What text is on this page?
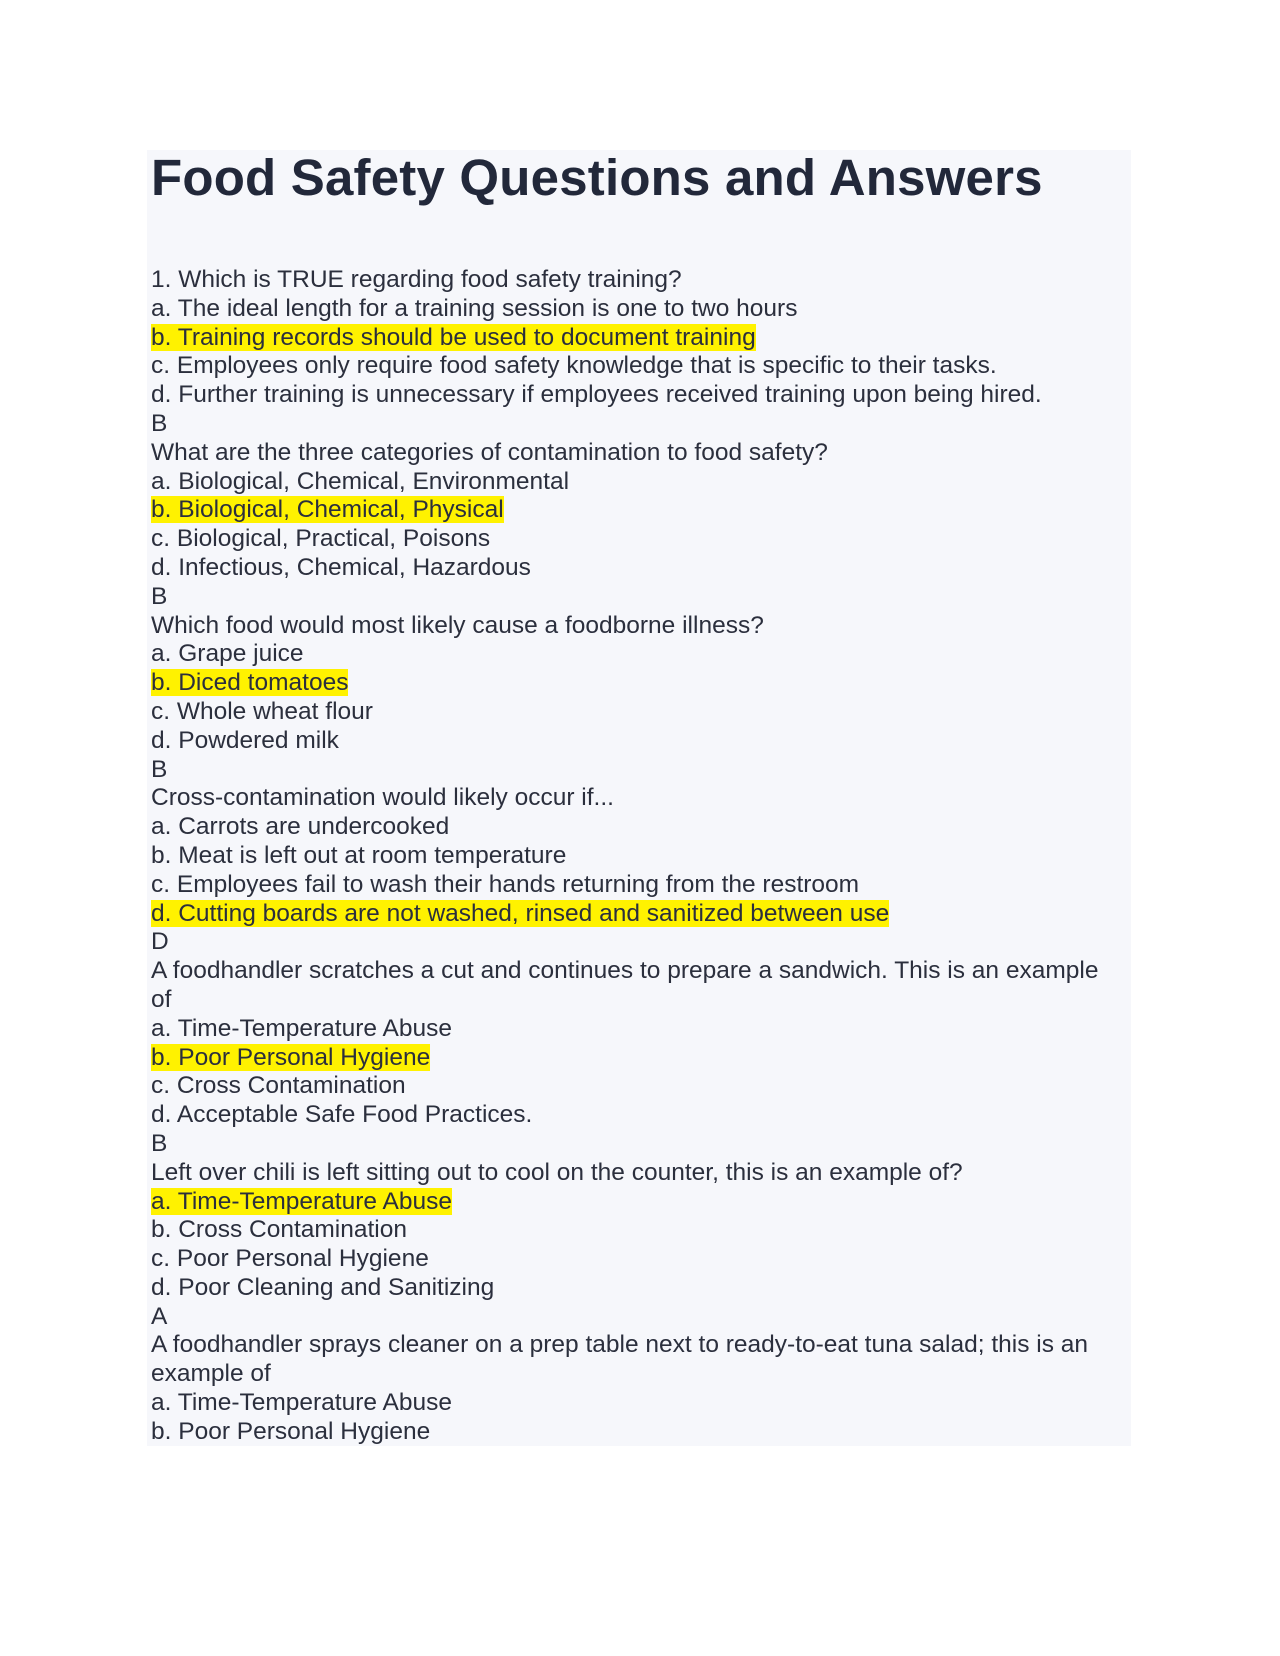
Food Safety Questions and Answers
1. Which is TRUE regarding food safety training?
a. The ideal length for a training session is one to two hours
b. Training records should be used to document training
c. Employees only require food safety knowledge that is specific to their tasks.
d. Further training is unnecessary if employees received training upon being hired.
B
What are the three categories of contamination to food safety?
a. Biological, Chemical, Environmental
b. Biological, Chemical, Physical
c. Biological, Practical, Poisons
d. Infectious, Chemical, Hazardous
B
Which food would most likely cause a foodborne illness?
a. Grape juice
b. Diced tomatoes
c. Whole wheat flour
d. Powdered milk
B
Cross-contamination would likely occur if...
a. Carrots are undercooked
b. Meat is left out at room temperature
c. Employees fail to wash their hands returning from the restroom
d. Cutting boards are not washed, rinsed and sanitized between use
D
A foodhandler scratches a cut and continues to prepare a sandwich. This is an example
of
a. Time-Temperature Abuse
b. Poor Personal Hygiene
c. Cross Contamination
d. Acceptable Safe Food Practices.
B
Left over chili is left sitting out to cool on the counter, this is an example of?
a. Time-Temperature Abuse
b. Cross Contamination
c. Poor Personal Hygiene
d. Poor Cleaning and Sanitizing
A
A foodhandler sprays cleaner on a prep table next to ready-to-eat tuna salad; this is an
example of
a. Time-Temperature Abuse
b. Poor Personal Hygiene
